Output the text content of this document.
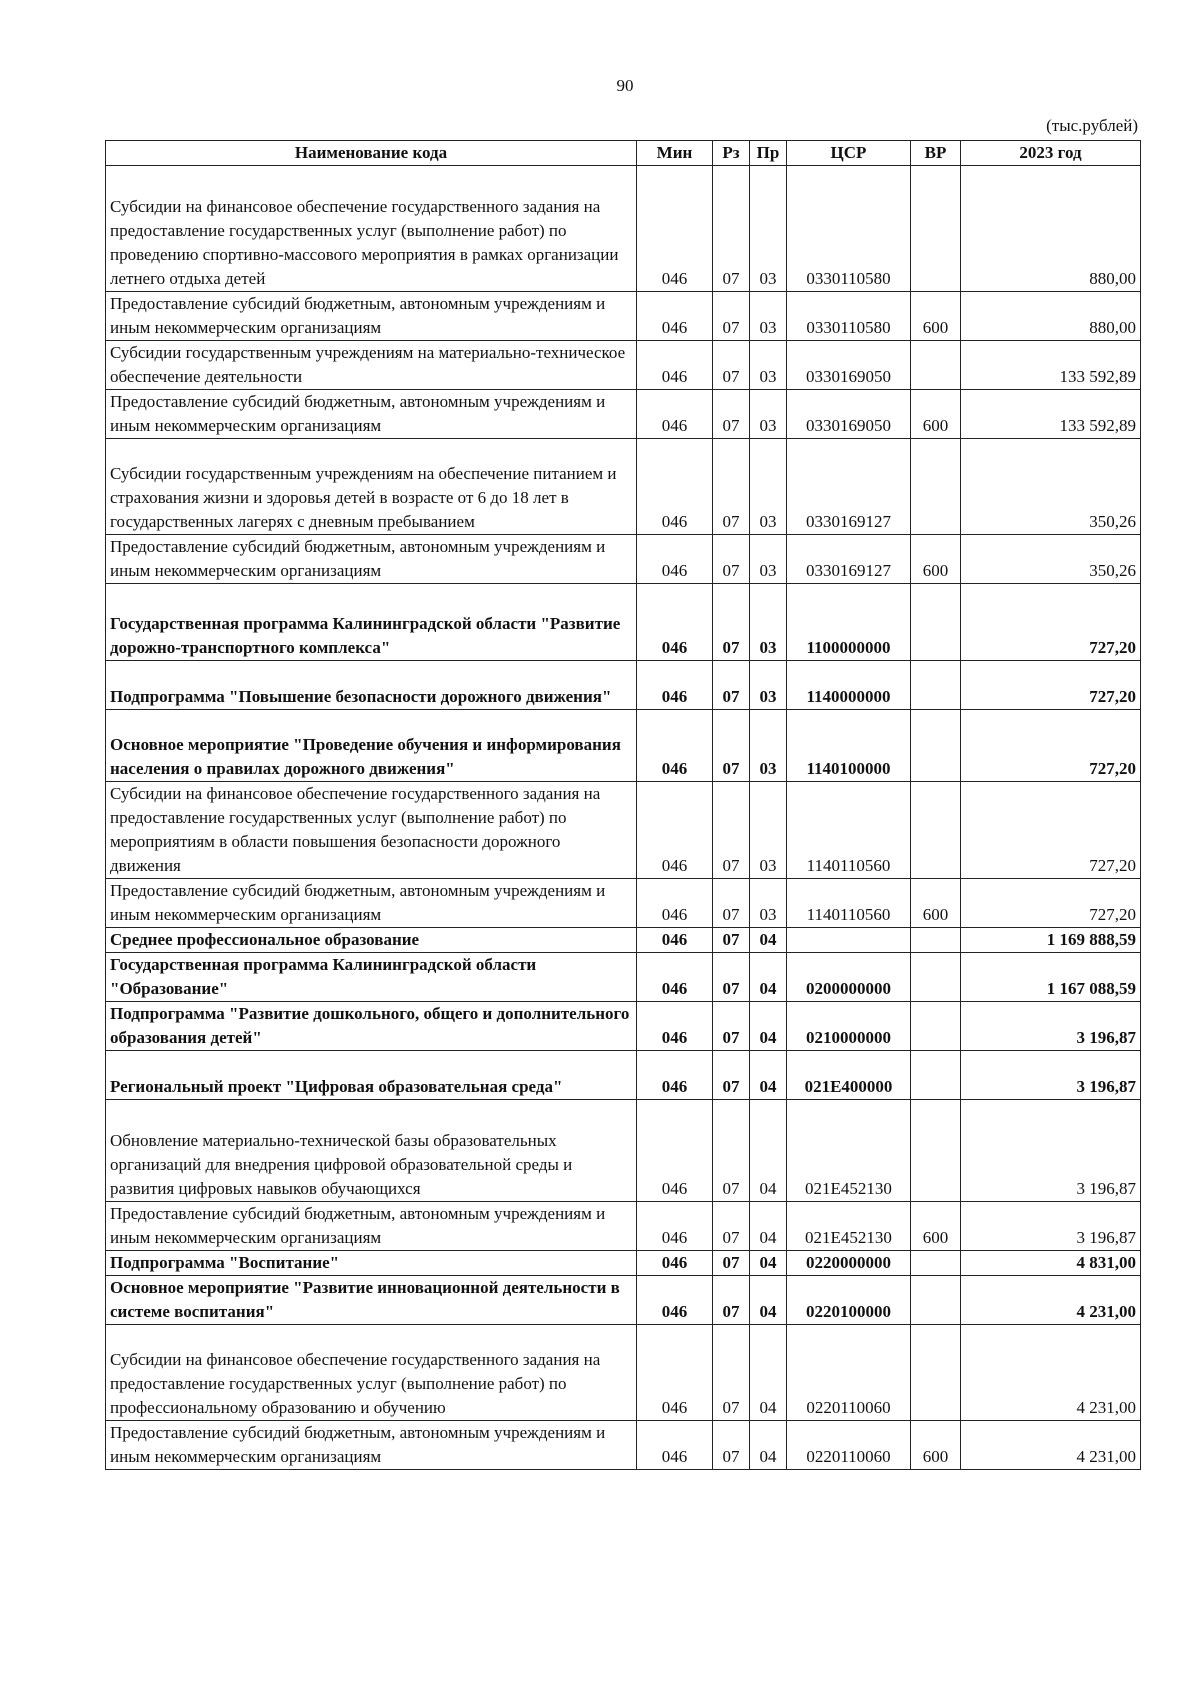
90
(тыс.рублей)
Наименование кода	Мин	Рз	Пр	ЦСР	ВР	2023 год
Субсидии на финансовое обеспечение государственного задания на предоставление государственных услуг (выполнение работ) по проведению спортивно-массового мероприятия в рамках организации летнего отдыха детей	046	07	03	0330110580		880,00
Предоставление субсидий бюджетным, автономным учреждениям и иным некоммерческим организациям	046	07	03	0330110580	600	880,00
Субсидии государственным учреждениям на материально-техническое обеспечение деятельности	046	07	03	0330169050		133 592,89
Предоставление субсидий бюджетным, автономным учреждениям и иным некоммерческим организациям	046	07	03	0330169050	600	133 592,89
Субсидии государственным учреждениям на обеспечение питанием и страхования жизни и здоровья детей в возрасте от 6 до 18 лет в государственных лагерях с дневным пребыванием	046	07	03	0330169127		350,26
Предоставление субсидий бюджетным, автономным учреждениям и иным некоммерческим организациям	046	07	03	0330169127	600	350,26
Государственная программа Калининградской области "Развитие дорожно-транспортного комплекса"	046	07	03	1100000000		727,20
Подпрограмма "Повышение безопасности дорожного движения"	046	07	03	1140000000		727,20
Основное мероприятие "Проведение обучения и информирования населения о правилах дорожного движения"	046	07	03	1140100000		727,20
Субсидии на финансовое обеспечение государственного задания на предоставление государственных услуг (выполнение работ) по мероприятиям в области повышения безопасности дорожного движения	046	07	03	1140110560		727,20
Предоставление субсидий бюджетным, автономным учреждениям и иным некоммерческим организациям	046	07	03	1140110560	600	727,20
Среднее профессиональное образование	046	07	04			1 169 888,59
Государственная программа Калининградской области "Образование"	046	07	04	0200000000		1 167 088,59
Подпрограмма "Развитие дошкольного, общего и дополнительного образования детей"	046	07	04	0210000000		3 196,87
Региональный проект "Цифровая образовательная среда"	046	07	04	021E400000		3 196,87
Обновление материально-технической базы образовательных организаций для внедрения цифровой образовательной среды и развития цифровых навыков обучающихся	046	07	04	021E452130		3 196,87
Предоставление субсидий бюджетным, автономным учреждениям и иным некоммерческим организациям	046	07	04	021E452130	600	3 196,87
Подпрограмма "Воспитание"	046	07	04	0220000000		4 831,00
Основное мероприятие "Развитие инновационной деятельности в системе воспитания"	046	07	04	0220100000		4 231,00
Субсидии на финансовое обеспечение государственного задания на предоставление государственных услуг (выполнение работ) по профессиональному образованию и обучению	046	07	04	0220110060		4 231,00
Предоставление субсидий бюджетным, автономным учреждениям и иным некоммерческим организациям	046	07	04	0220110060	600	4 231,00
